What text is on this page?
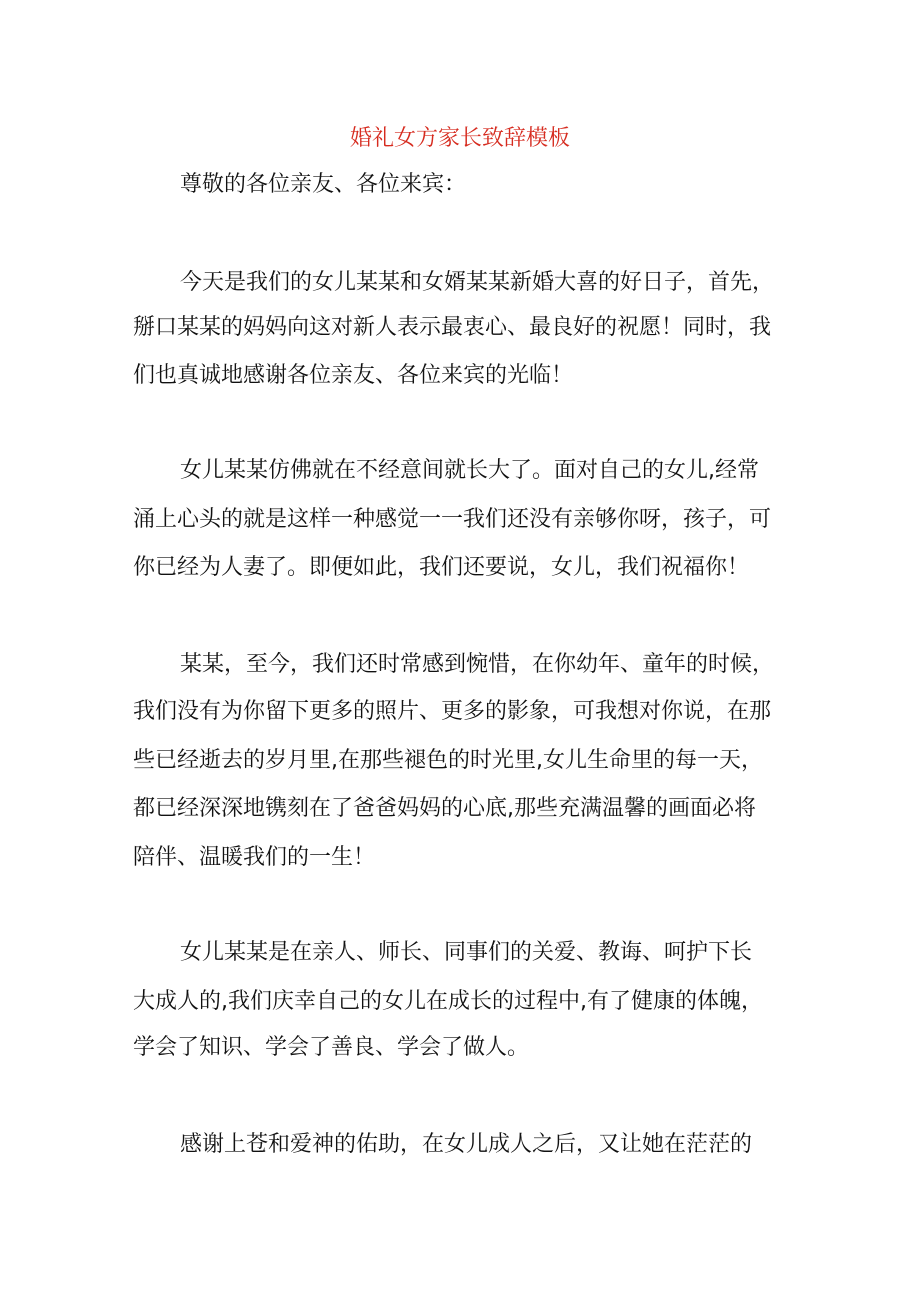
婚礼女方家长致辞模板
尊敬的各位亲友、各位来宾：
今天是我们的女儿某某和女婿某某新婚大喜的好日子，首先，
掰口某某的妈妈向这对新人表示最衷心、最良好的祝愿！同时，我
们也真诚地感谢各位亲友、各位来宾的光临！
女儿某某仿佛就在不经意间就长大了。面对自己的女儿,经常
涌上心头的就是这样一种感觉一一我们还没有亲够你呀，孩子，可
你已经为人妻了。即便如此，我们还要说，女儿，我们祝福你！
某某，至今，我们还时常感到惋惜，在你幼年、童年的时候，
我们没有为你留下更多的照片、更多的影象，可我想对你说，在那
些已经逝去的岁月里,在那些褪色的时光里,女儿生命里的每一天，
都已经深深地镌刻在了爸爸妈妈的心底,那些充满温馨的画面必将
陪伴、温暖我们的一生！
女儿某某是在亲人、师长、同事们的关爱、教诲、呵护下长
大成人的,我们庆幸自己的女儿在成长的过程中,有了健康的体魄，
学会了知识、学会了善良、学会了做人。
感谢上苍和爱神的佑助，在女儿成人之后，又让她在茫茫的
